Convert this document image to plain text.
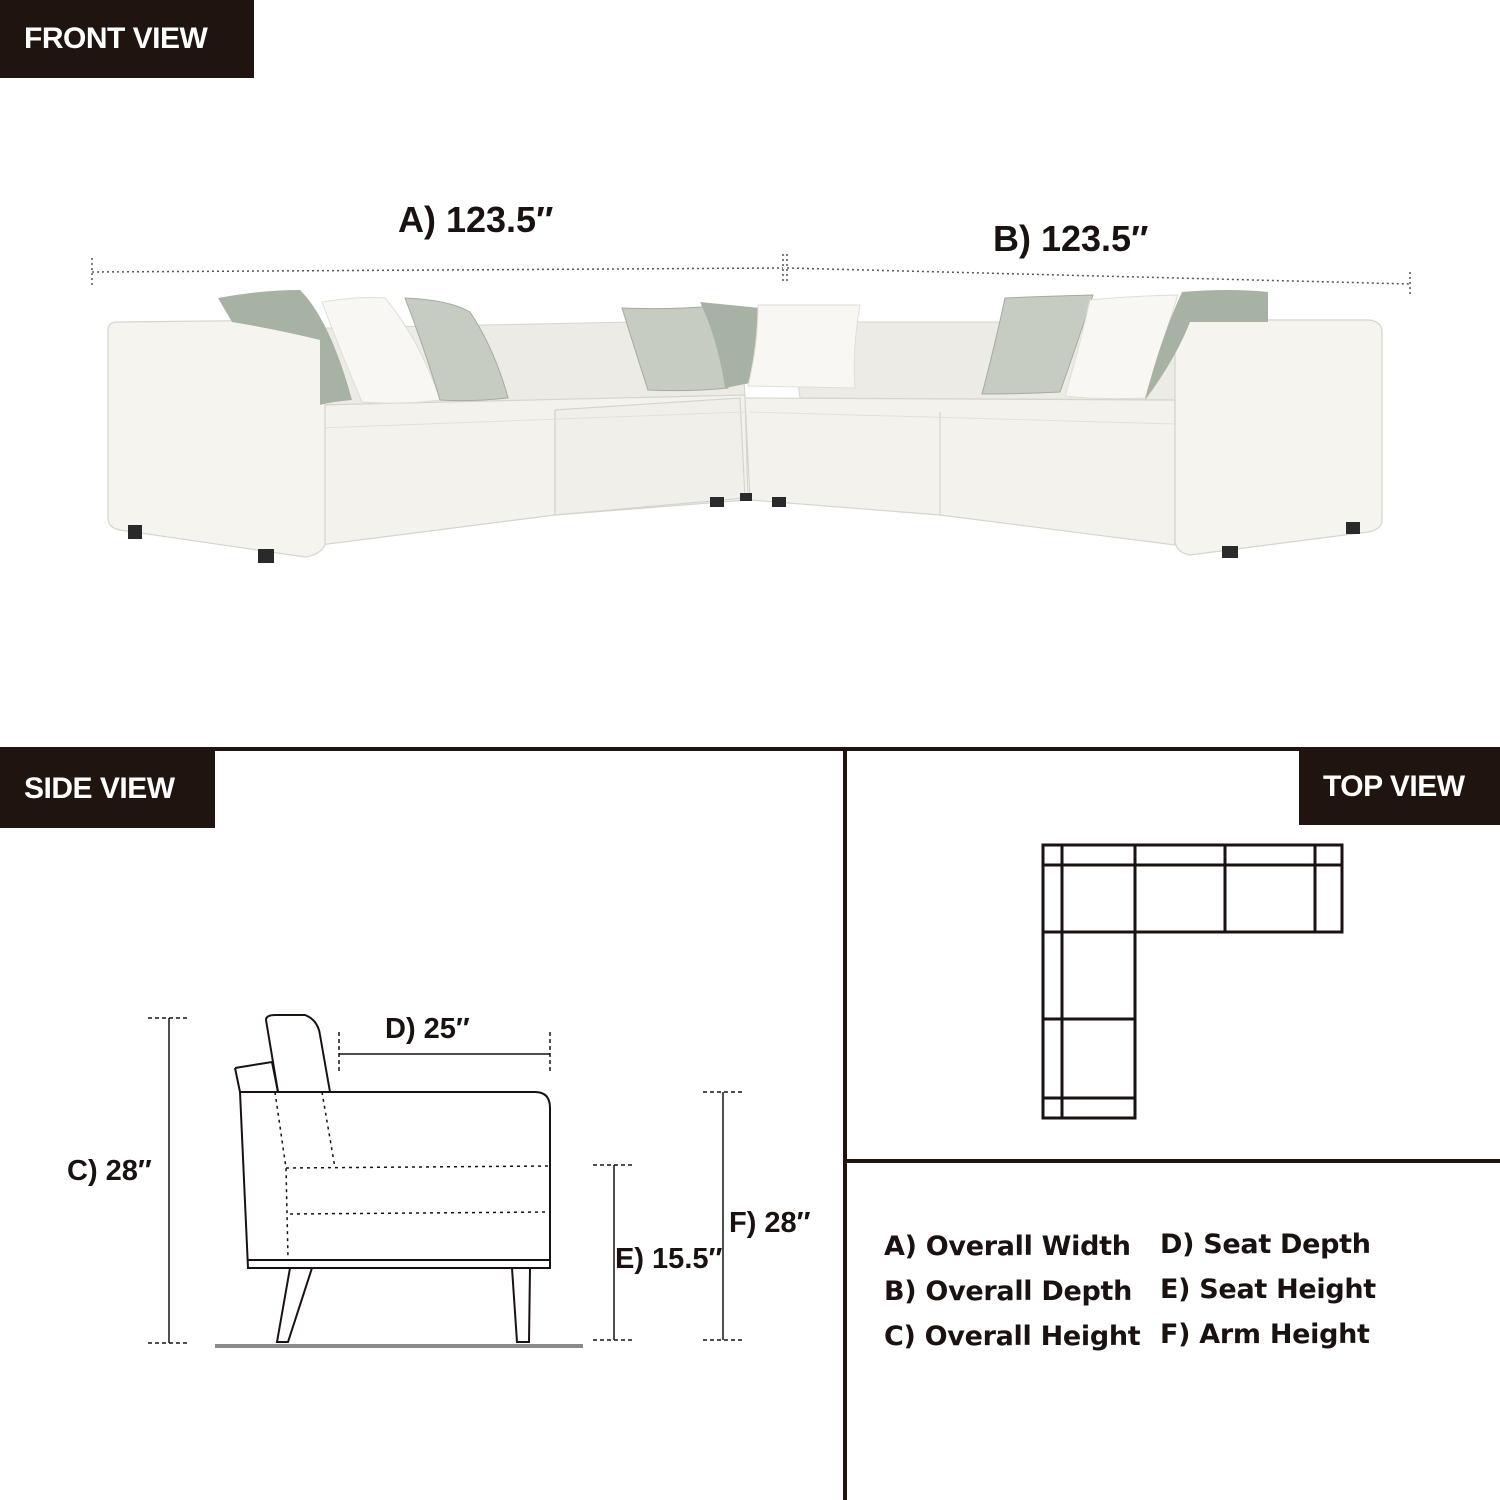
FRONT VIEW
SIDE VIEW	TOP VIEW
A) 123.5″	B) 123.5″
C) 28″
D) 25″
E) 15.5″
F) 28″
A) Overall Width
B) Overall Depth
C) Overall Height
D) Seat Depth
E) Seat Height
F) Arm Height
